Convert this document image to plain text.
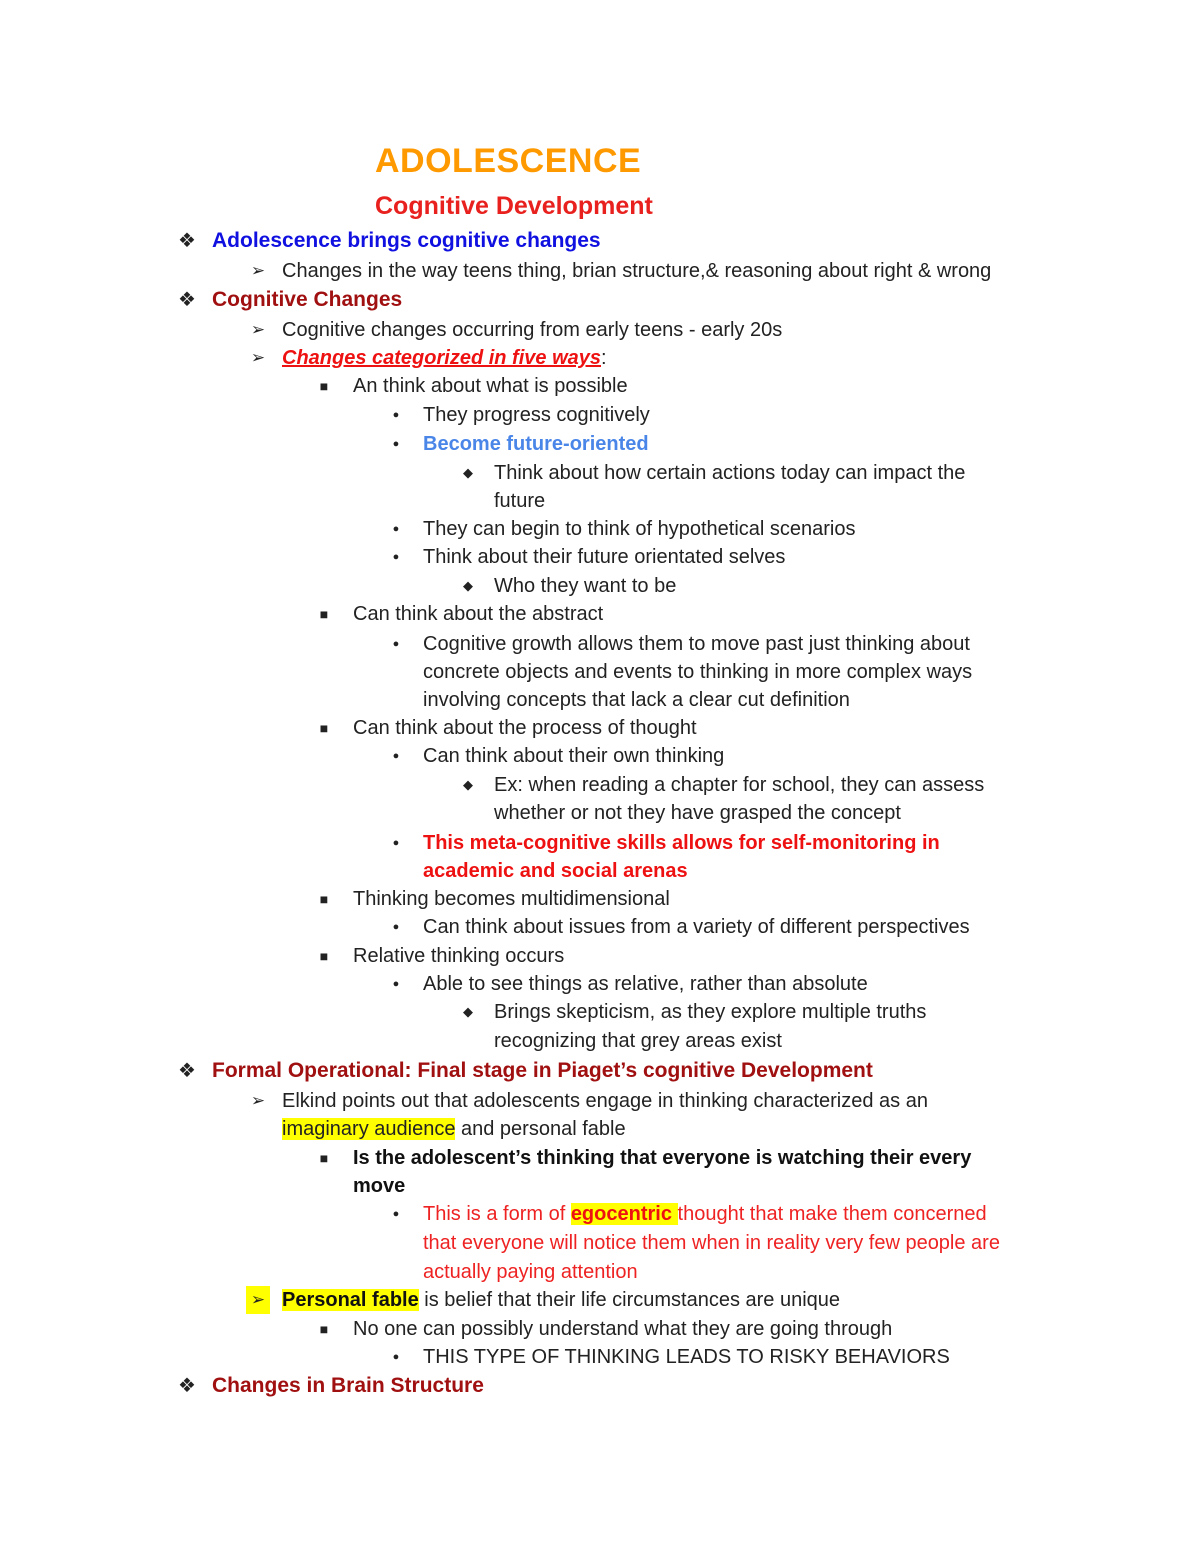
ADOLESCENCE
Cognitive Development
❖ Adolescence brings cognitive changes
➢ Changes in the way teens thing, brian structure,& reasoning about right & wrong
❖ Cognitive Changes
➢ Cognitive changes occurring from early teens - early 20s
➢ Changes categorized in five ways:
■	An think about what is possible
●	They progress cognitively
●	Become future-oriented
◆	Think about how certain actions today can impact the
future
●	They can begin to think of hypothetical scenarios
●	Think about their future orientated selves
◆	Who they want to be
■	Can think about the abstract
●	Cognitive growth allows them to move past just thinking about
concrete objects and events to thinking in more complex ways
involving concepts that lack a clear cut definition
■	Can think about the process of thought
●	Can think about their own thinking
◆	Ex: when reading a chapter for school, they can assess
whether or not they have grasped the concept
●	This meta-cognitive skills allows for self-monitoring in
academic and social arenas
■	Thinking becomes multidimensional
●	Can think about issues from a variety of different perspectives
■	Relative thinking occurs
●	Able to see things as relative, rather than absolute
◆	Brings skepticism, as they explore multiple truths
recognizing that grey areas exist
❖ Formal Operational: Final stage in Piaget’s cognitive Development
➢ Elkind points out that adolescents engage in thinking characterized as an
imaginary audience and personal fable
■	Is the adolescent’s thinking that everyone is watching their every
move
●	This is a form of egocentric thought that make them concerned
that everyone will notice them when in reality very few people are
actually paying attention
➢ Personal fable is belief that their life circumstances are unique
■	No one can possibly understand what they are going through
●	THIS TYPE OF THINKING LEADS TO RISKY BEHAVIORS
❖ Changes in Brain Structure
